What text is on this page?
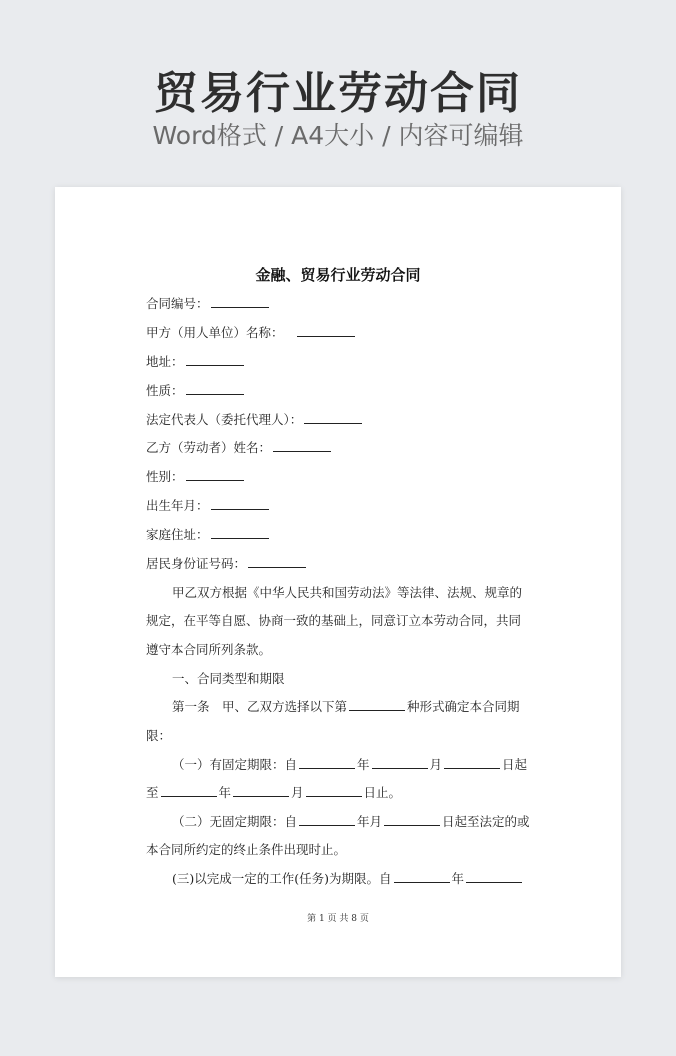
贸易行业劳动合同
Word格式 / A4大小 / 内容可编辑
金融、贸易行业劳动合同
合同编号：
甲方（用人单位）名称：
地址：
性质：
法定代表人（委托代理人）：
乙方（劳动者）姓名：
性别：
出生年月：
家庭住址：
居民身份证号码：
甲乙双方根据《中华人民共和国劳动法》等法律、法规、规章的
规定，在平等自愿、协商一致的基础上，同意订立本劳动合同，共同
遵守本合同所列条款。
一、合同类型和期限
第一条　甲、乙双方选择以下第	种形式确定本合同期
限：
（一）有固定期限：自	年	月	日起
至	年	月	日止。
（二）无固定期限：自	年月	日起至法定的或
本合同所约定的终止条件出现时止。
(三)以完成一定的工作(任务)为期限。自	年
第 1 页 共 8 页
